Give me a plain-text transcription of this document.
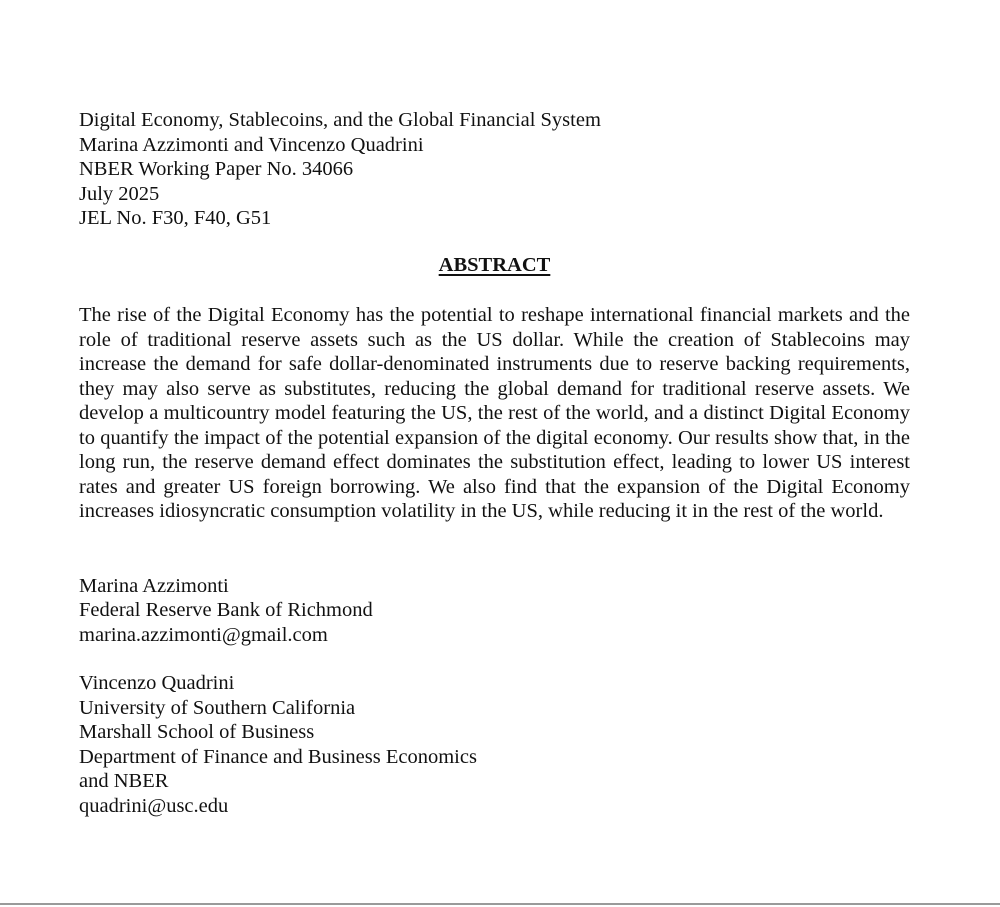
Digital Economy, Stablecoins, and the Global Financial System
Marina Azzimonti and Vincenzo Quadrini
NBER Working Paper No. 34066
July 2025
JEL No. F30, F40, G51
ABSTRACT
The rise of the Digital Economy has the potential to reshape international financial markets and the role of traditional reserve assets such as the US dollar. While the creation of Stablecoins may increase the demand for safe dollar-denominated instruments due to reserve backing requirements, they may also serve as substitutes, reducing the global demand for traditional reserve assets. We develop a multicountry model featuring the US, the rest of the world, and a distinct Digital Economy to quantify the impact of the potential expansion of the digital economy. Our results show that, in the long run, the reserve demand effect dominates the substitution effect, leading to lower US interest rates and greater US foreign borrowing. We also find that the expansion of the Digital Economy increases idiosyncratic consumption volatility in the US, while reducing it in the rest of the world.
Marina Azzimonti
Federal Reserve Bank of Richmond
marina.azzimonti@gmail.com
Vincenzo Quadrini
University of Southern California
Marshall School of Business
Department of Finance and Business Economics
and NBER
quadrini@usc.edu
